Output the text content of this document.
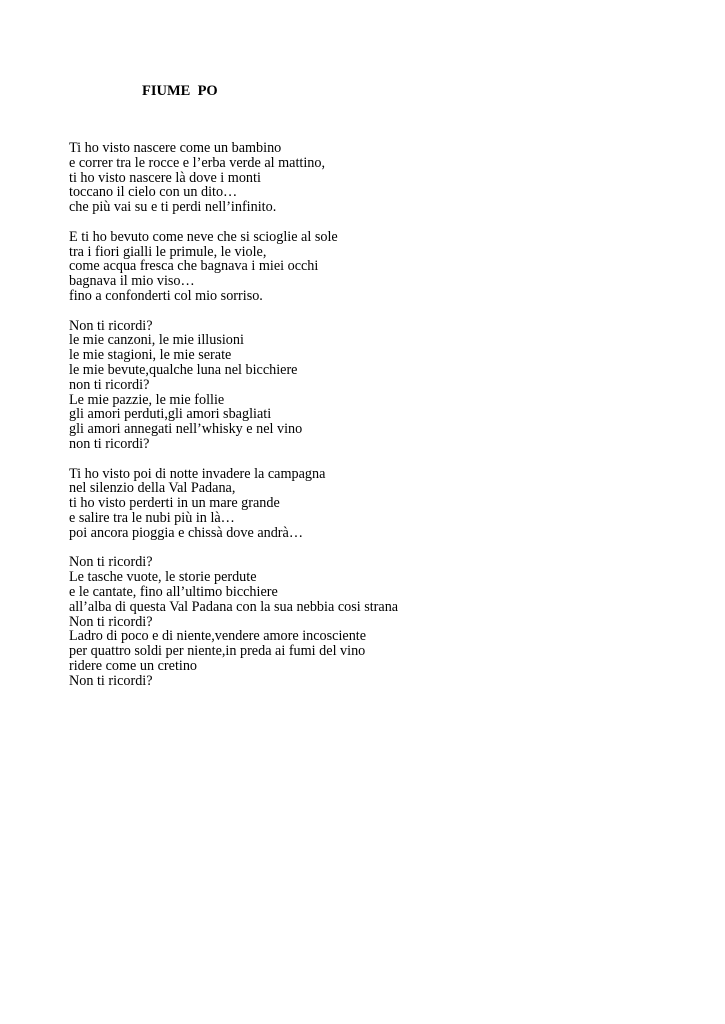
FIUME  PO
Ti ho visto nascere come un bambino
e correr tra le rocce e l’erba verde al mattino,
ti ho visto nascere là dove i monti
toccano il cielo con un dito…
che più vai su e ti perdi nell’infinito.
E ti ho bevuto come neve che si scioglie al sole
tra i fiori gialli le primule, le viole,
come acqua fresca che bagnava i miei occhi
bagnava il mio viso…
fino a confonderti col mio sorriso.
Non ti ricordi?
le mie canzoni, le mie illusioni
le mie stagioni, le mie serate
le mie bevute,qualche luna nel bicchiere
non ti ricordi?
Le mie pazzie, le mie follie
gli amori perduti,gli amori sbagliati
gli amori annegati nell’whisky e nel vino
non ti ricordi?
Ti ho visto poi di notte invadere la campagna
nel silenzio della Val Padana,
ti ho visto perderti in un mare grande
e salire tra le nubi più in là…
poi ancora pioggia e chissà dove andrà…
Non ti ricordi?
Le tasche vuote, le storie perdute
e le cantate, fino all’ultimo bicchiere
all’alba di questa Val Padana con la sua nebbia cosi strana
Non ti ricordi?
Ladro di poco e di niente,vendere amore incosciente
per quattro soldi per niente,in preda ai fumi del vino
ridere come un cretino
Non ti ricordi?
